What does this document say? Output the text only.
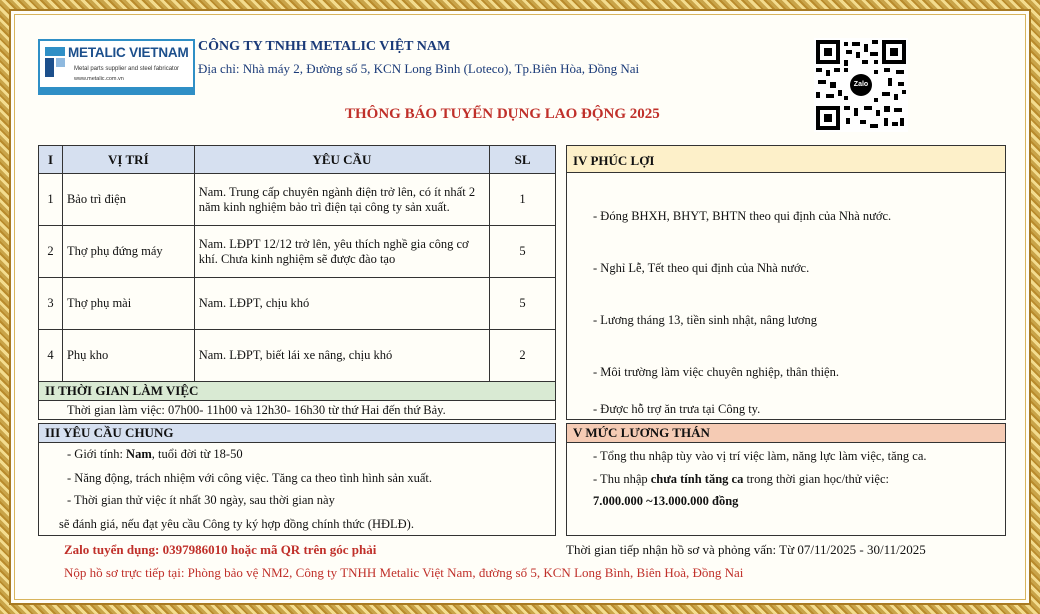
METALIC VIETNAM
Metal parts supplier and steel fabricator
www.metalic.com.vn
CÔNG TY TNHH METALIC VIỆT NAM
Địa chỉ: Nhà máy 2, Đường số 5, KCN Long Bình (Loteco), Tp.Biên Hòa, Đồng Nai
THÔNG BÁO TUYỂN DỤNG LAO ĐỘNG 2025
Zalo
I	VỊ TRÍ	YÊU CẦU	SL
1	Bảo trì điện	Nam. Trung cấp chuyên ngành điện trở lên, có ít nhất 2 năm kinh nghiệm bảo trì điện tại công ty sản xuất.	1
2	Thợ phụ đứng máy	Nam. LĐPT 12/12 trở lên, yêu thích nghề gia công cơ khí. Chưa kinh nghiệm sẽ được đào tạo	5
3	Thợ phụ mài	Nam. LĐPT, chịu khó	5
4	Phụ kho	Nam. LĐPT, biết lái xe nâng, chịu khó	2
II THỜI GIAN LÀM VIỆC
Thời gian làm việc: 07h00- 11h00 và 12h30- 16h30 từ thứ Hai đến thứ Bảy.
III YÊU CẦU CHUNG
- Giới tính: Nam, tuổi đời từ 18-50
- Năng động, trách nhiệm với công việc. Tăng ca theo tình hình sản xuất.
- Thời gian thử việc ít nhất 30 ngày, sau thời gian này
sẽ đánh giá, nếu đạt yêu cầu Công ty ký hợp đồng chính thức (HĐLĐ).
IV PHÚC LỢI
- Đóng BHXH, BHYT, BHTN theo qui định của Nhà nước.
- Nghỉ Lễ, Tết theo qui định của Nhà nước.
- Lương tháng 13, tiền sinh nhật, nâng lương
- Môi trường làm việc chuyên nghiệp, thân thiện.
- Được hỗ trợ ăn trưa tại Công ty.
V MỨC LƯƠNG THÁN
- Tổng thu nhập tùy vào vị trí việc làm, năng lực làm việc, tăng ca.
- Thu nhập chưa tính tăng ca trong thời gian học/thử việc:
7.000.000 ~13.000.000 đồng
Zalo tuyển dụng: 0397986010 hoặc mã QR trên góc phải	Thời gian tiếp nhận hồ sơ và phỏng vấn: Từ 07/11/2025 - 30/11/2025
Nộp hồ sơ trực tiếp tại: Phòng bảo vệ NM2, Công ty TNHH Metalic Việt Nam, đường số 5, KCN Long Bình, Biên Hoà, Đồng Nai
